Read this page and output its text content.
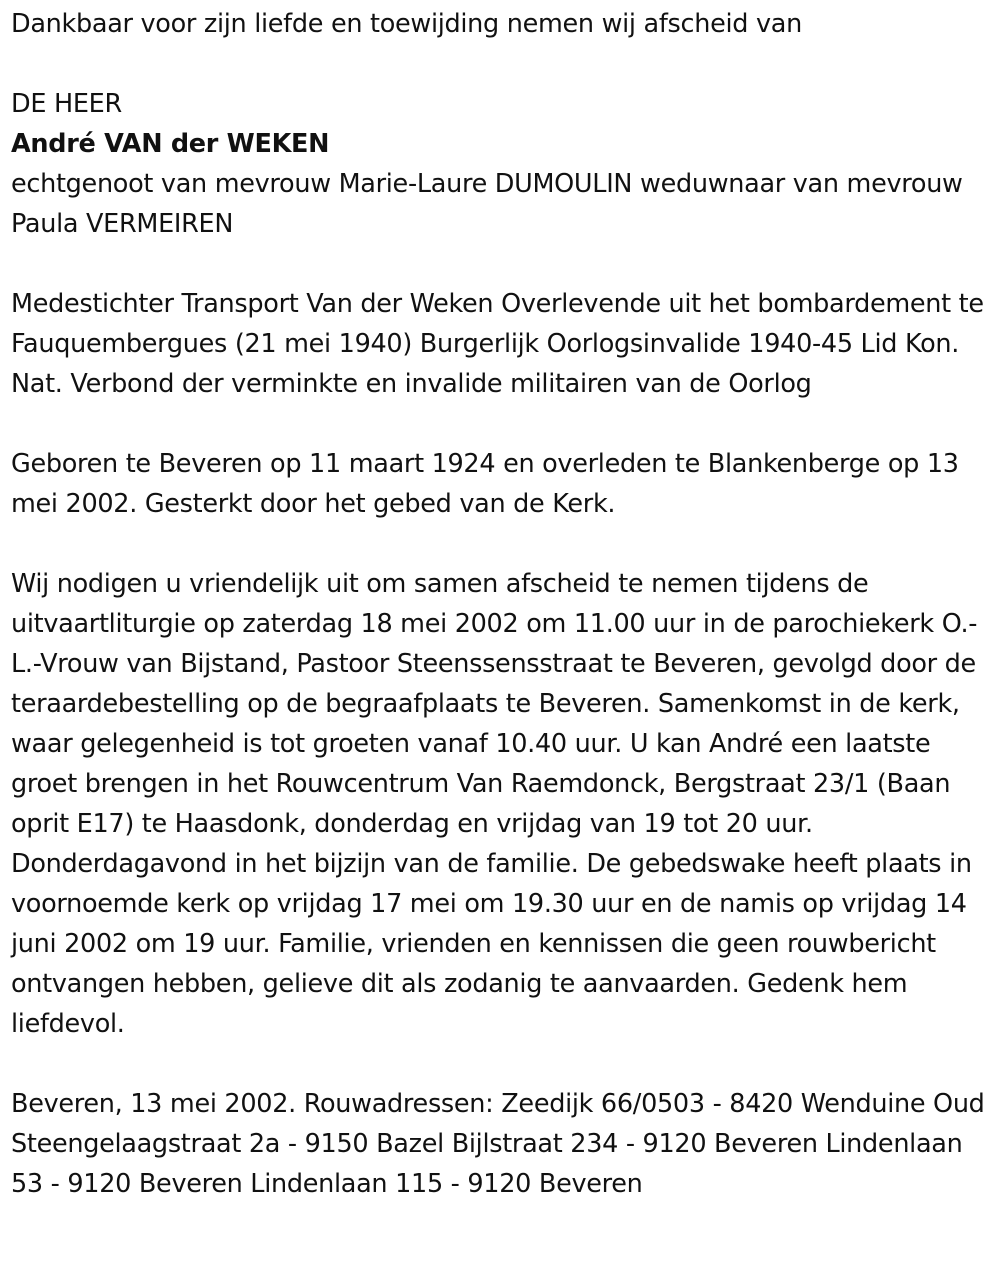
Dankbaar voor zijn liefde en toewijding nemen wij afscheid van

DE HEER

André VAN der WEKEN

echtgenoot van mevrouw Marie-Laure DUMOULIN weduwnaar van mevrouw Paula VERMEIREN

Medestichter Transport Van der Weken Overlevende uit het bombardement te Fauquembergues (21 mei 1940) Burgerlijk Oorlogsinvalide 1940-45 Lid Kon. Nat. Verbond der verminkte en invalide militairen van de Oorlog

Geboren te Beveren op 11 maart 1924 en overleden te Blankenberge op 13 mei 2002. Gesterkt door het gebed van de Kerk.

Wij nodigen u vriendelijk uit om samen afscheid te nemen tijdens de uitvaartliturgie op zaterdag 18 mei 2002 om 11.00 uur in de parochiekerk O.-L.-Vrouw van Bijstand, Pastoor Steenssensstraat te Beveren, gevolgd door de teraardebestelling op de begraafplaats te Beveren. Samenkomst in de kerk, waar gelegenheid is tot groeten vanaf 10.40 uur. U kan André een laatste groet brengen in het Rouwcentrum Van Raemdonck, Bergstraat 23/1 (Baan oprit E17) te Haasdonk, donderdag en vrijdag van 19 tot 20 uur. Donderdagavond in het bijzijn van de familie. De gebedswake heeft plaats in voornoemde kerk op vrijdag 17 mei om 19.30 uur en de namis op vrijdag 14 juni 2002 om 19 uur. Familie, vrienden en kennissen die geen rouwbericht ontvangen hebben, gelieve dit als zodanig te aanvaarden. Gedenk hem liefdevol.

Beveren, 13 mei 2002. Rouwadressen: Zeedijk 66/0503 - 8420 Wenduine Oud Steengelaagstraat 2a - 9150 Bazel Bijlstraat 234 - 9120 Beveren Lindenlaan 53 - 9120 Beveren Lindenlaan 115 - 9120 Beveren
